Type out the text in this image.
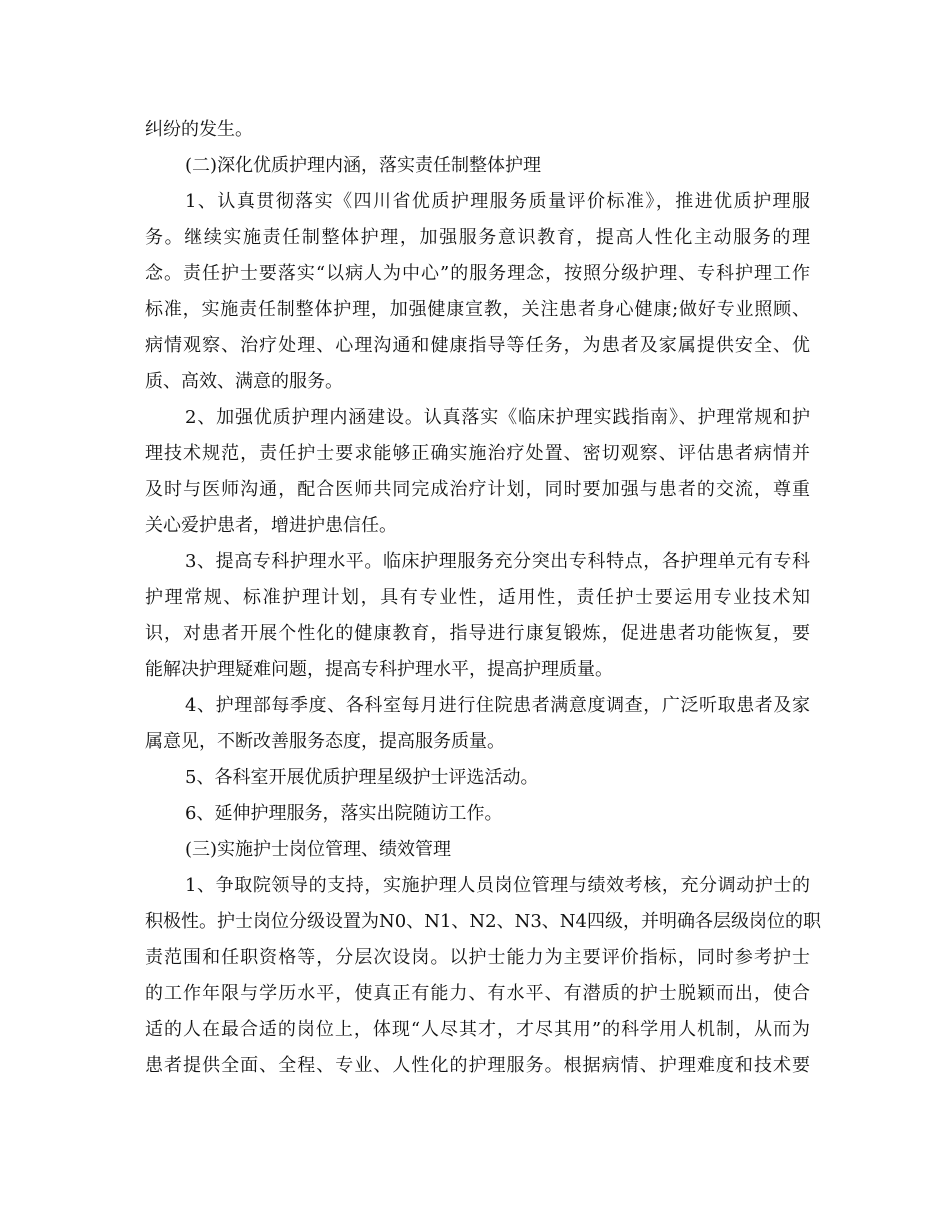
纠纷的发生。
(二)深化优质护理内涵，落实责任制整体护理
1、认真贯彻落实《四川省优质护理服务质量评价标准》，推进优质护理服
务。继续实施责任制整体护理，加强服务意识教育，提高人性化主动服务的理
念。责任护士要落实“以病人为中心”的服务理念，按照分级护理、专科护理工作
标准，实施责任制整体护理，加强健康宣教，关注患者身心健康;做好专业照顾、
病情观察、治疗处理、心理沟通和健康指导等任务，为患者及家属提供安全、优
质、高效、满意的服务。
2、加强优质护理内涵建设。认真落实《临床护理实践指南》、护理常规和护
理技术规范，责任护士要求能够正确实施治疗处置、密切观察、评估患者病情并
及时与医师沟通，配合医师共同完成治疗计划，同时要加强与患者的交流，尊重
关心爱护患者，增进护患信任。
3、提高专科护理水平。临床护理服务充分突出专科特点，各护理单元有专科
护理常规、标准护理计划，具有专业性，适用性，责任护士要运用专业技术知
识，对患者开展个性化的健康教育，指导进行康复锻炼，促进患者功能恢复，要
能解决护理疑难问题，提高专科护理水平，提高护理质量。
4、护理部每季度、各科室每月进行住院患者满意度调查，广泛听取患者及家
属意见，不断改善服务态度，提高服务质量。
5、各科室开展优质护理星级护士评选活动。
6、延伸护理服务，落实出院随访工作。
(三)实施护士岗位管理、绩效管理
1、争取院领导的支持，实施护理人员岗位管理与绩效考核，充分调动护士的
积极性。护士岗位分级设置为N0、N1、N2、N3、N4四级，并明确各层级岗位的职
责范围和任职资格等，分层次设岗。以护士能力为主要评价指标，同时参考护士
的工作年限与学历水平，使真正有能力、有水平、有潜质的护士脱颖而出，使合
适的人在最合适的岗位上，体现“人尽其才，才尽其用”的科学用人机制，从而为
患者提供全面、全程、专业、人性化的护理服务。根据病情、护理难度和技术要
